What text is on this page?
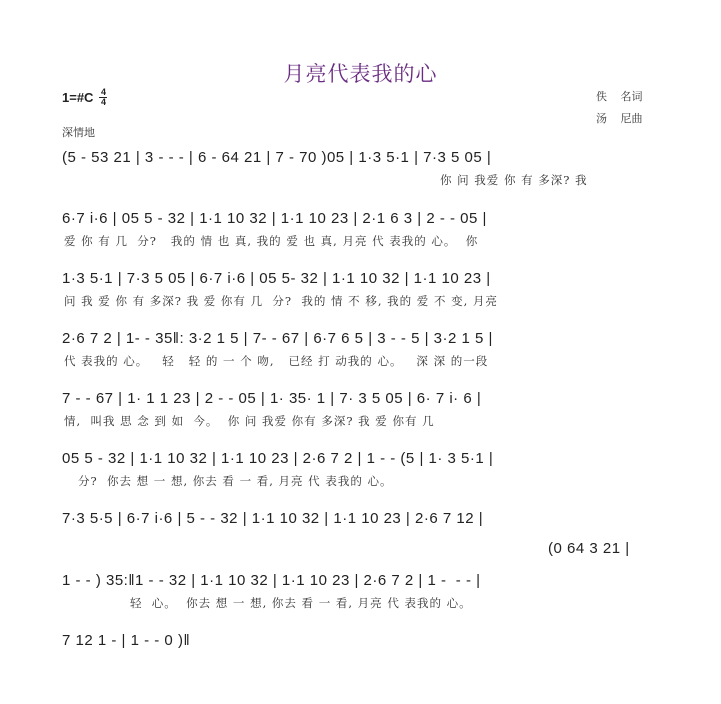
月亮代表我的心
1=#C 4
4	佚 名词
汤 尼曲
深情地
(5 - 53 21 | 3 - - - | 6 - 64 21 | 7 - 70 )05 | 1·3 5·1 | 7·3 5 05 |
你 问 我爱 你 有 多深? 我
6·7 i·6 | 05 5 - 32 | 1·1 10 32 | 1·1 10 23 | 2·1 6 3 | 2 - - 05 |
爱 你 有 几  分?   我的 情 也 真, 我的 爱 也 真, 月亮 代 表我的 心。  你
1·3 5·1 | 7·3 5 05 | 6·7 i·6 | 05 5- 32 | 1·1 10 32 | 1·1 10 23 |
问 我 爱 你 有 多深? 我 爱 你有 几  分?  我的 情 不 移, 我的 爱 不 变, 月亮
2·6 7 2 | 1- - 35‖: 3·2 1 5 | 7- - 67 | 6·7 6 5 | 3 - - 5 | 3·2 1 5 |
代 表我的 心。   轻   轻 的 一 个 吻,   已经 打 动我的 心。   深 深 的一段
7 - - 67 | 1· 1 1 23 | 2 - - 05 | 1· 35· 1 | 7· 3 5 05 | 6· 7 i· 6 |
情,  叫我 思 念 到 如  今。  你 问 我爱 你有 多深? 我 爱 你有 几
05 5 - 32 | 1·1 10 32 | 1·1 10 23 | 2·6 7 2 | 1 - - (5 | 1· 3 5·1 |
分?  你去 想 一 想, 你去 看 一 看, 月亮 代 表我的 心。
7·3 5·5 | 6·7 i·6 | 5 - - 32 | 1·1 10 32 | 1·1 10 23 | 2·6 7 12 |
(0 64 3 21 |
1 - - ) 35:‖1 - - 32 | 1·1 10 32 | 1·1 10 23 | 2·6 7 2 | 1 -  - - |
轻  心。  你去 想 一 想, 你去 看 一 看, 月亮 代 表我的 心。
7 12 1 - | 1 - - 0 )‖
